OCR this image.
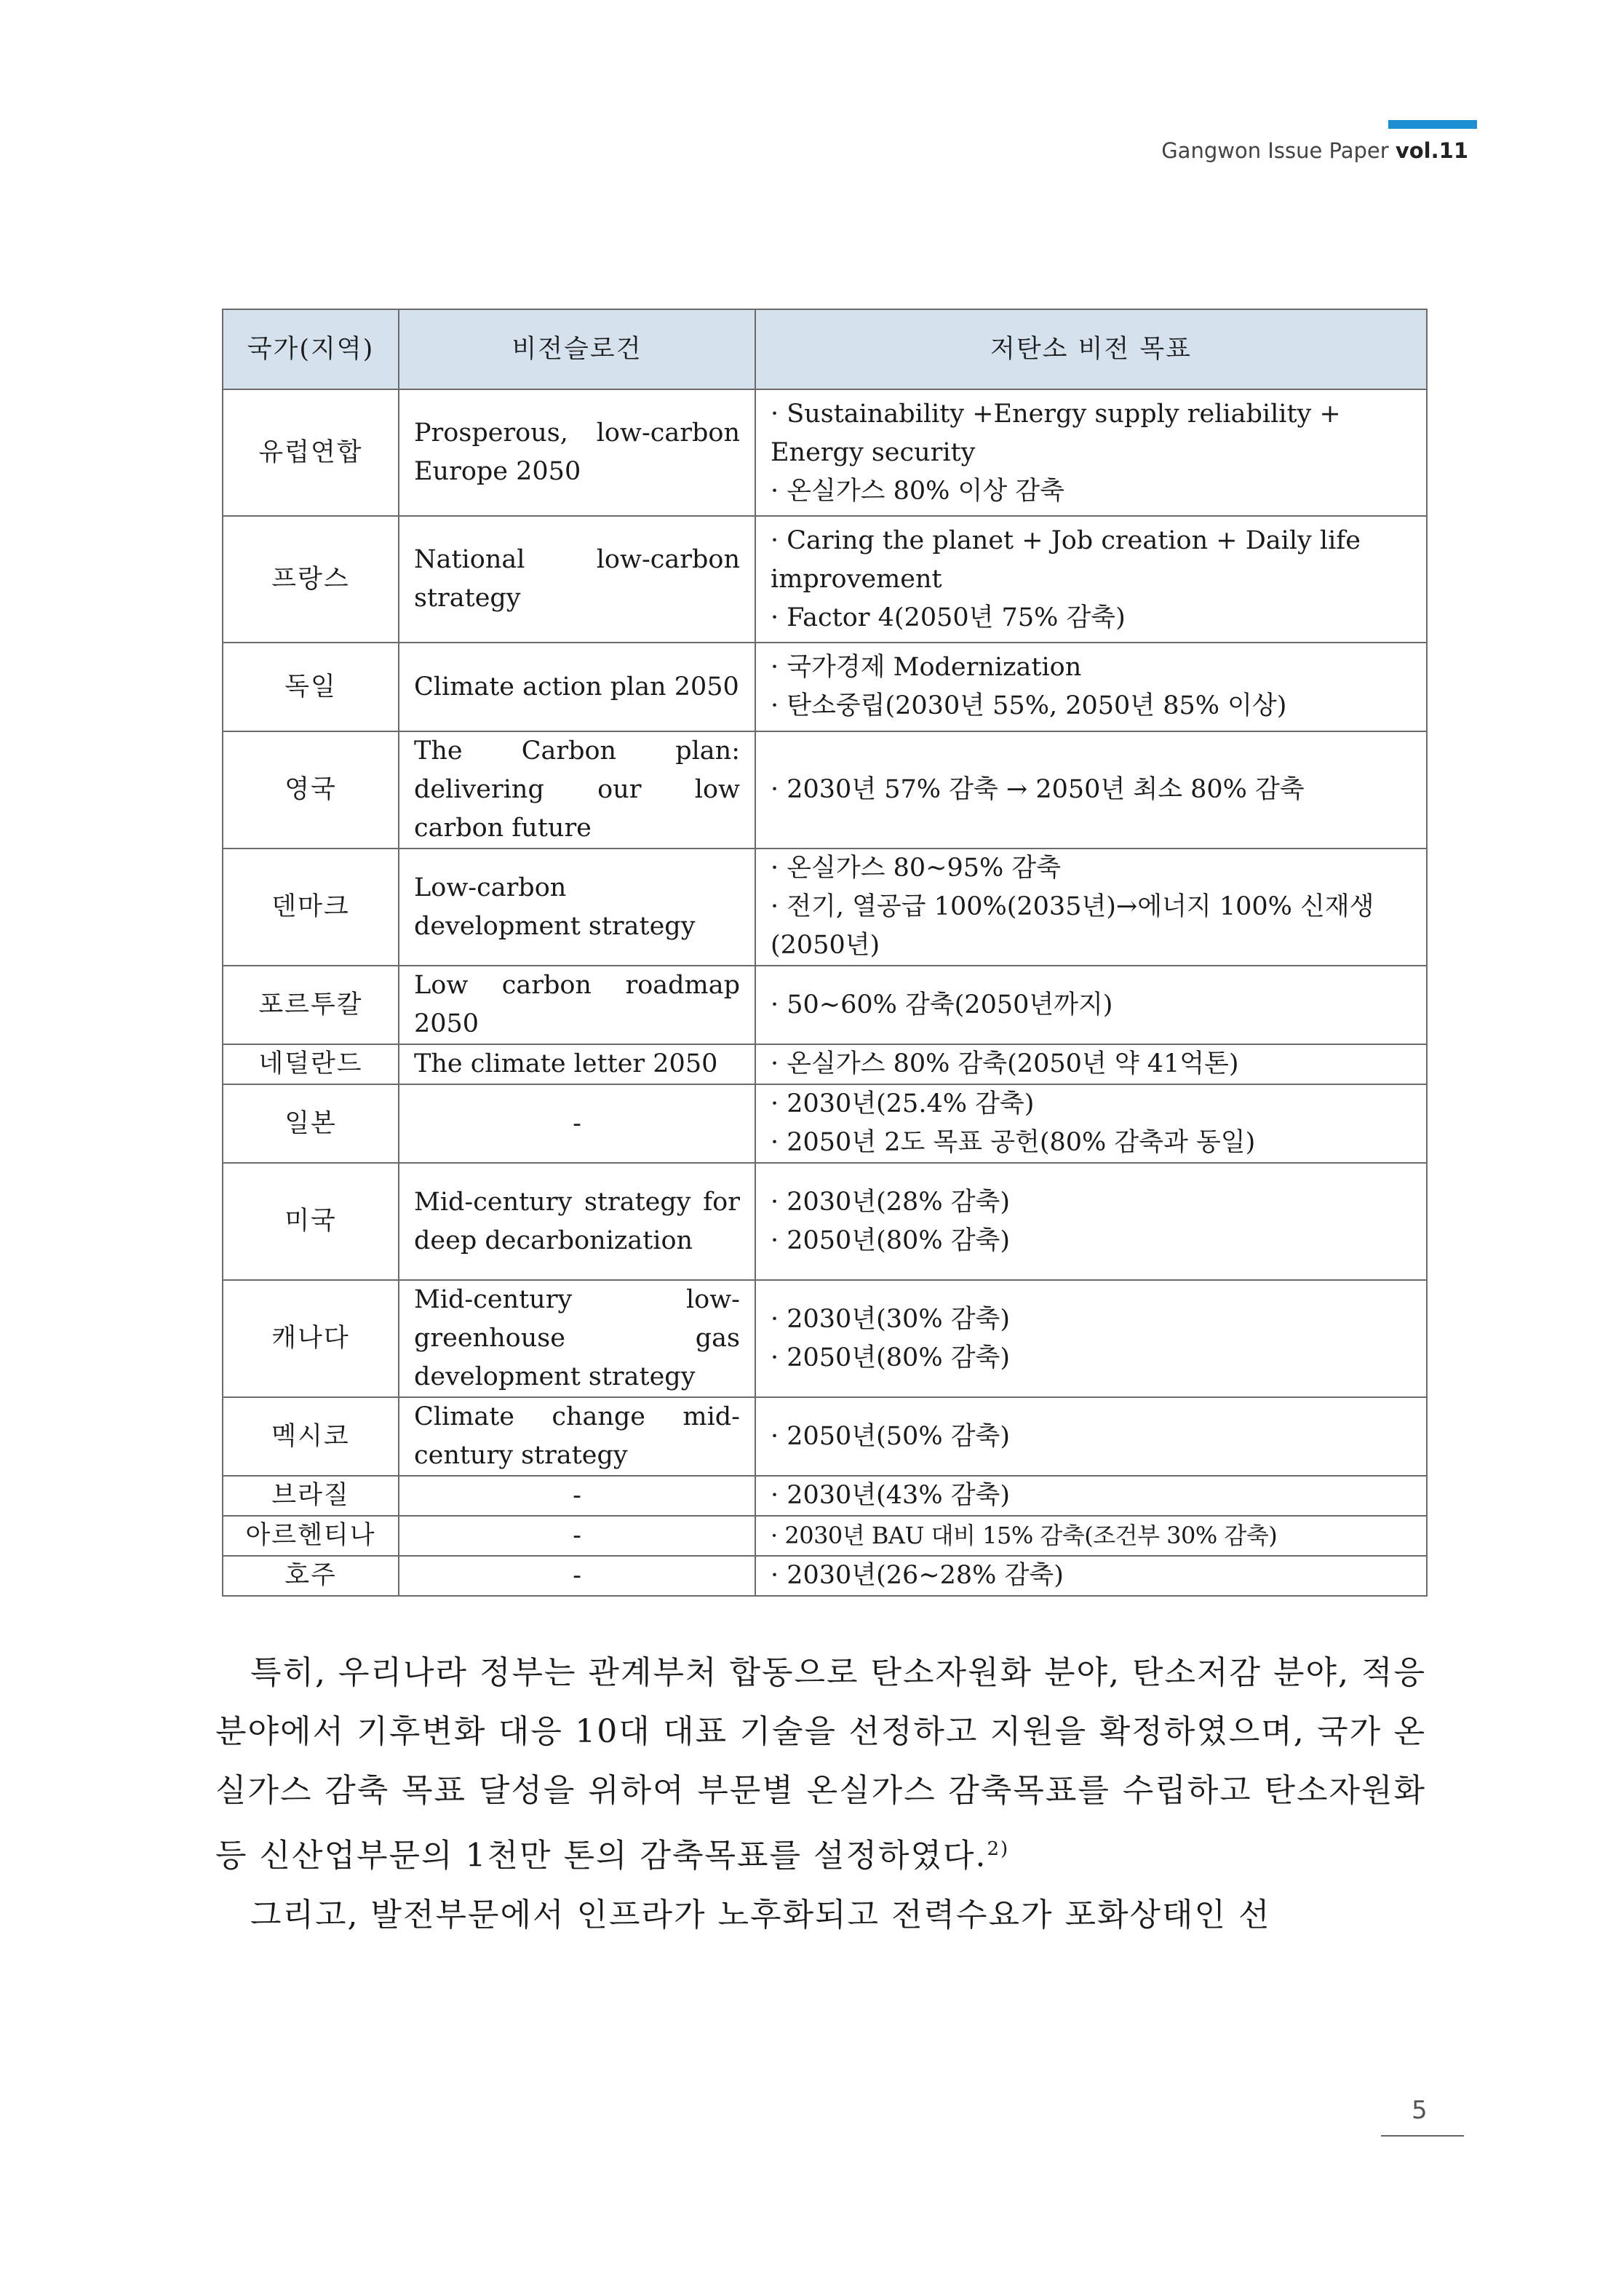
Gangwon Issue Paper vol.11
국가(지역)	비전슬로건	저탄소 비전 목표
유럽연합	Prosperous, low-carbon Europe 2050	· Sustainability +Energy supply reliability + Energy security
· 온실가스 80% 이상 감축

프랑스	National low-carbon strategy	· Caring the planet + Job creation + Daily life improvement
· Factor 4(2050년 75% 감축)

독일	Climate action plan 2050	· 국가경제 Modernization
· 탄소중립(2030년 55%, 2050년 85% 이상)

영국	The Carbon plan: delivering our low carbon future	· 2030년 57% 감축 → 2050년 최소 80% 감축

덴마크	Low-carbon development strategy	· 온실가스 80~95% 감축
· 전기, 열공급 100%(2035년)→에너지 100% 신재생(2050년)

포르투칼	Low carbon roadmap 2050	· 50~60% 감축(2050년까지)

네덜란드	The climate letter 2050	· 온실가스 80% 감축(2050년 약 41억톤)

일본	-	· 2030년(25.4% 감축)
· 2050년 2도 목표 공헌(80% 감축과 동일)

미국	Mid-century strategy for deep decarbonization	· 2030년(28% 감축)
· 2050년(80% 감축)

캐나다	Mid-century low-greenhouse gas development strategy	· 2030년(30% 감축)
· 2050년(80% 감축)

멕시코	Climate change mid-century strategy	· 2050년(50% 감축)

브라질	-	· 2030년(43% 감축)

아르헨티나	-	· 2030년 BAU 대비 15% 감축(조건부 30% 감축)

호주	-	· 2030년(26~28% 감축)

특히, 우리나라 정부는 관계부처 합동으로 탄소자원화 분야, 탄소저감 분야, 적응 분야에서 기후변화 대응 10대 대표 기술을 선정하고 지원을 확정하였으며, 국가 온실가스 감축 목표 달성을 위하여 부문별 온실가스 감축목표를 수립하고 탄소자원화 등 신산업부문의 1천만 톤의 감축목표를 설정하였다.$^{2)}$

그리고, 발전부문에서 인프라가 노후화되고 전력수요가 포화상태인 선

5
